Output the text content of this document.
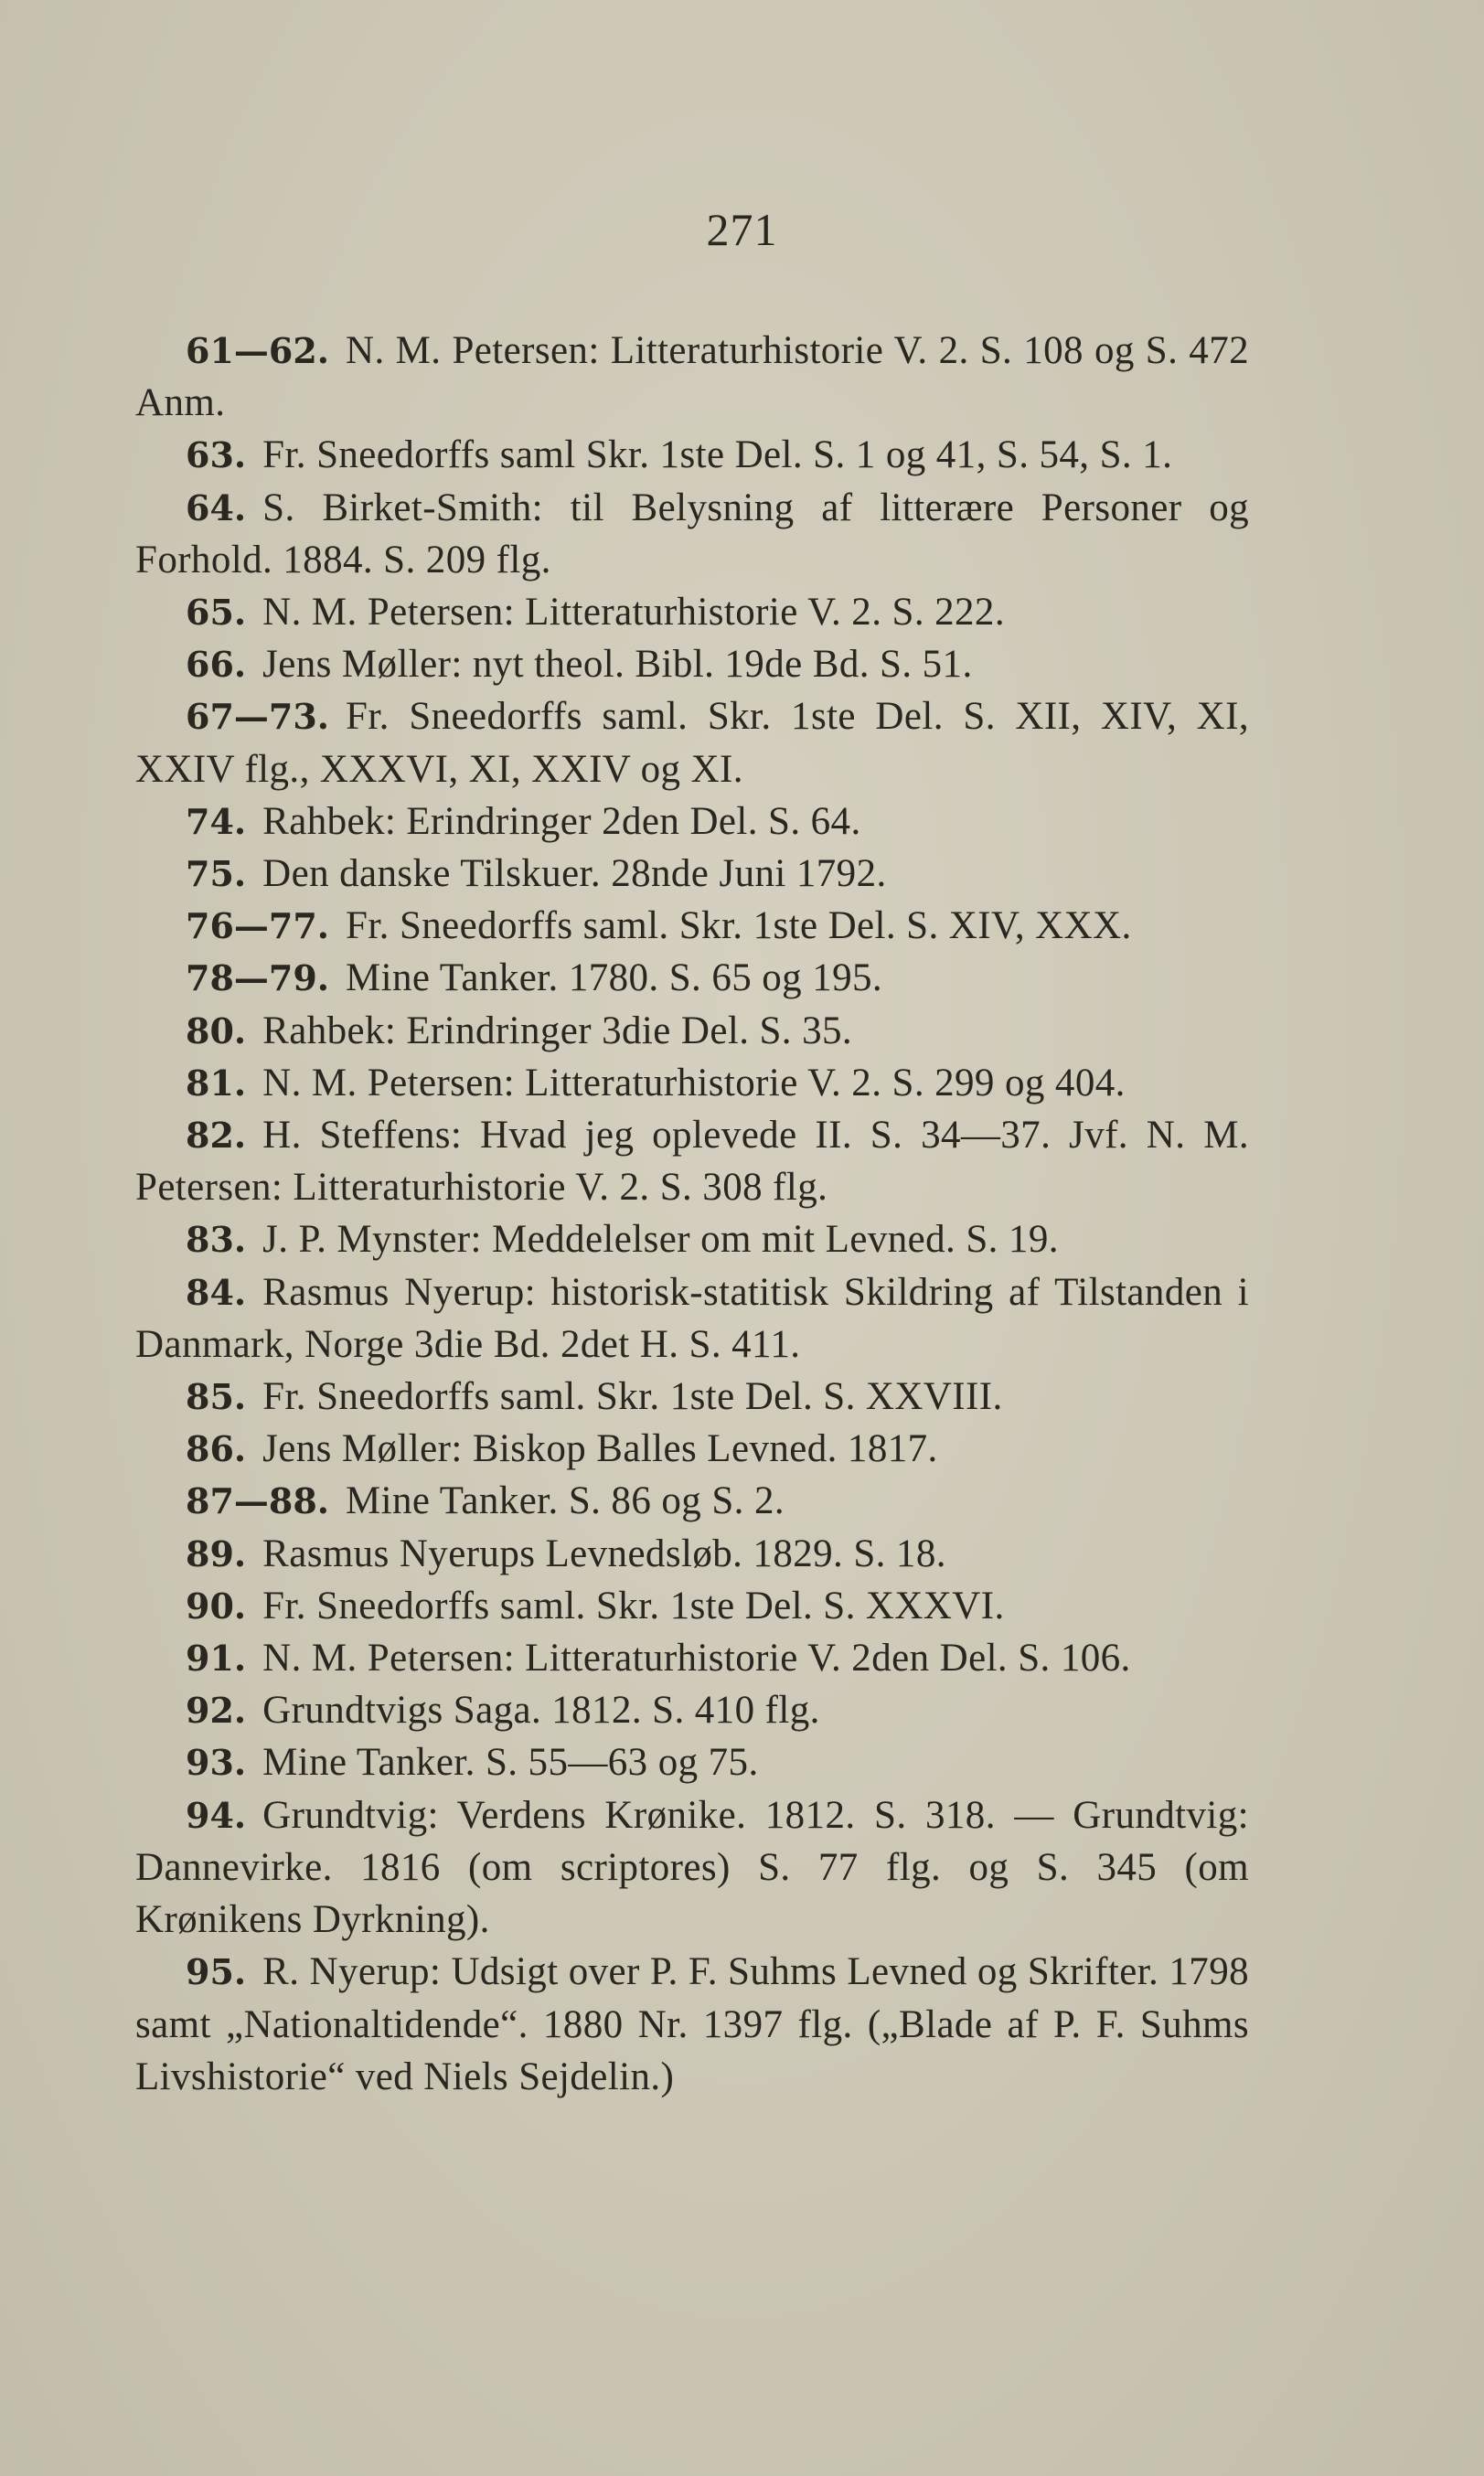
271

61—62. N. M. Petersen: Litteraturhistorie V. 2. S. 108 og S. 472 Anm.

63. Fr. Sneedorffs saml Skr. 1ste Del. S. 1 og 41, S. 54, S. 1.

64. S. Birket-Smith: til Belysning af litterære Personer og Forhold. 1884. S. 209 flg.

65. N. M. Petersen: Litteraturhistorie V. 2. S. 222.

66. Jens Møller: nyt theol. Bibl. 19de Bd. S. 51.

67—73. Fr. Sneedorffs saml. Skr. 1ste Del. S. XII, XIV, XI, XXIV flg., XXXVI, XI, XXIV og XI.

74. Rahbek: Erindringer 2den Del. S. 64.

75. Den danske Tilskuer. 28nde Juni 1792.

76—77. Fr. Sneedorffs saml. Skr. 1ste Del. S. XIV, XXX.

78—79. Mine Tanker. 1780. S. 65 og 195.

80. Rahbek: Erindringer 3die Del. S. 35.

81. N. M. Petersen: Litteraturhistorie V. 2. S. 299 og 404.

82. H. Steffens: Hvad jeg oplevede II. S. 34—37. Jvf. N. M. Petersen: Litteraturhistorie V. 2. S. 308 flg.

83. J. P. Mynster: Meddelelser om mit Levned. S. 19.

84. Rasmus Nyerup: historisk-statitisk Skildring af Tilstanden i Danmark, Norge 3die Bd. 2det H. S. 411.

85. Fr. Sneedorffs saml. Skr. 1ste Del. S. XXVIII.

86. Jens Møller: Biskop Balles Levned. 1817.

87—88. Mine Tanker. S. 86 og S. 2.

89. Rasmus Nyerups Levnedsløb. 1829. S. 18.

90. Fr. Sneedorffs saml. Skr. 1ste Del. S. XXXVI.

91. N. M. Petersen: Litteraturhistorie V. 2den Del. S. 106.

92. Grundtvigs Saga. 1812. S. 410 flg.

93. Mine Tanker. S. 55—63 og 75.

94. Grundtvig: Verdens Krønike. 1812. S. 318. — Grundtvig: Dannevirke. 1816 (om scriptores) S. 77 flg. og S. 345 (om Krønikens Dyrkning).

95. R. Nyerup: Udsigt over P. F. Suhms Levned og Skrifter. 1798 samt „Nationaltidende“. 1880 Nr. 1397 flg. („Blade af P. F. Suhms Livshistorie“ ved Niels Sejdelin.)
